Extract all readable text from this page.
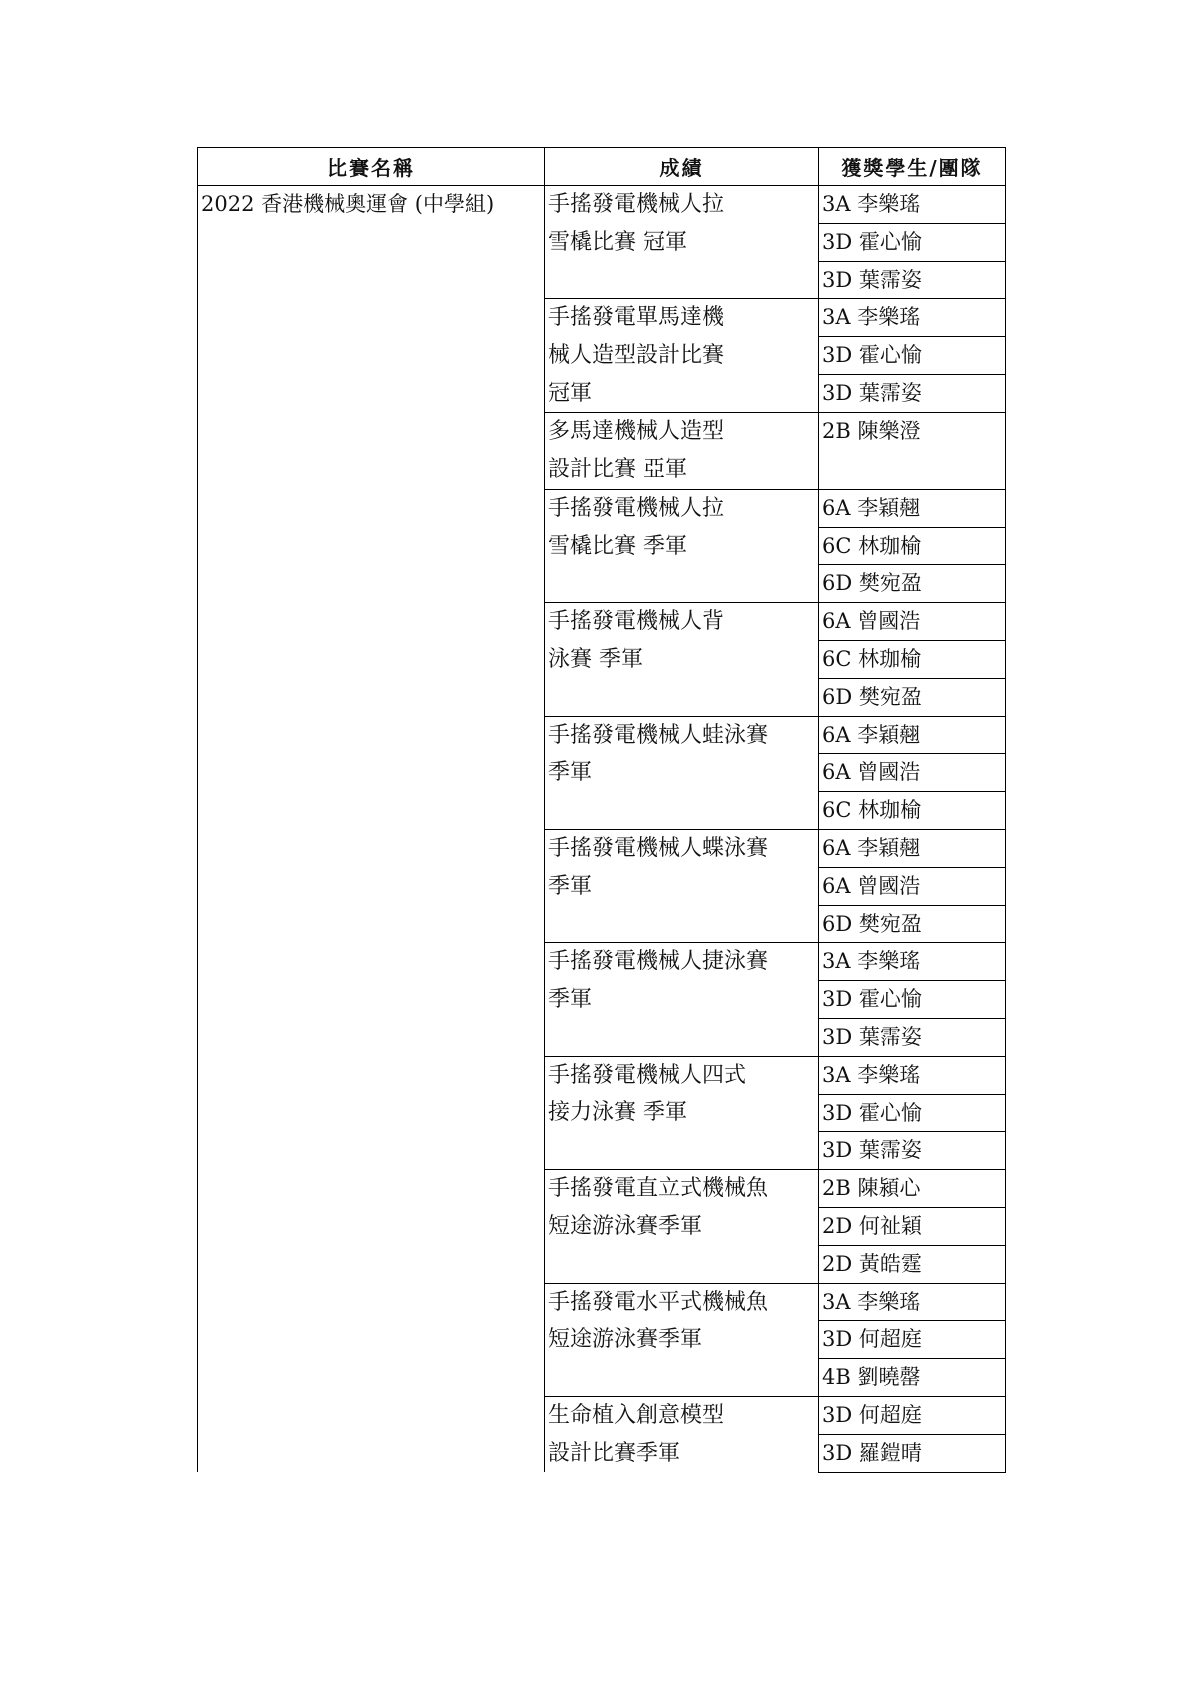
比賽名稱	成績	獲獎學生/團隊
2022 香港機械奧運會 (中學組)	手搖發電機械人拉
雪橇比賽 冠軍	3A 李樂瑤
		3D 霍心愉
		3D 葉霈姿

	手搖發電單馬達機
械人造型設計比賽
冠軍	3A 李樂瑤
		3D 霍心愉
		3D 葉霈姿

	多馬達機械人造型
設計比賽 亞軍	2B 陳樂澄

	手搖發電機械人拉
雪橇比賽 季軍	6A 李穎翹
		6C 林珈榆
		6D 樊宛盈

	手搖發電機械人背
泳賽 季軍	6A 曾國浩
		6C 林珈榆
		6D 樊宛盈

	手搖發電機械人蛙泳賽
季軍	6A 李穎翹
		6A 曾國浩
		6C 林珈榆

	手搖發電機械人蝶泳賽
季軍	6A 李穎翹
		6A 曾國浩
		6D 樊宛盈

	手搖發電機械人捷泳賽
季軍	3A 李樂瑤
		3D 霍心愉
		3D 葉霈姿

	手搖發電機械人四式
接力泳賽 季軍	3A 李樂瑤
		3D 霍心愉
		3D 葉霈姿

	手搖發電直立式機械魚
短途游泳賽季軍	2B 陳潁心
		2D 何祉穎
		2D 黃皓霆

	手搖發電水平式機械魚
短途游泳賽季軍	3A 李樂瑤
		3D 何超庭
		4B 劉曉罄

	生命植入創意模型
設計比賽季軍	3D 何超庭
		3D 羅鎧晴
